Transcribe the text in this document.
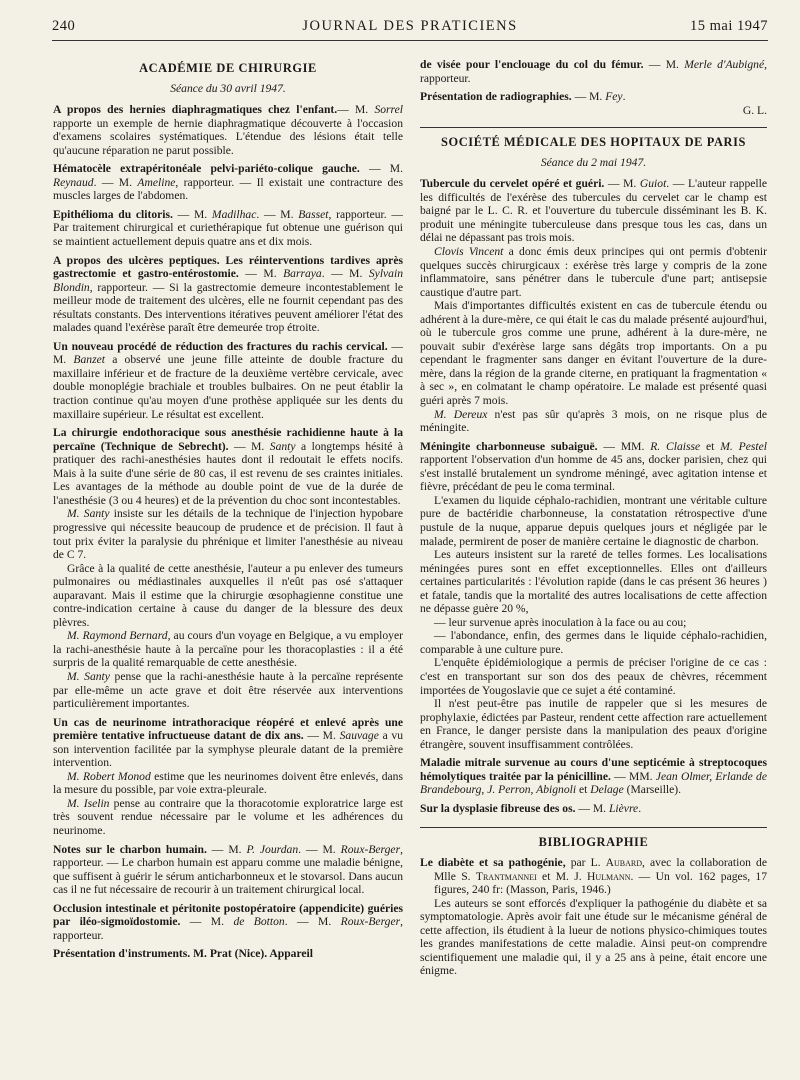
240	JOURNAL DES PRATICIENS	15 mai 1947
ACADÉMIE DE CHIRURGIE
Séance du 30 avril 1947.

A propos des hernies diaphragmatiques chez l'enfant.— M. Sorrel rapporte un exemple de hernie diaphragmatique découverte à l'occasion d'examens scolaires systématiques. L'étendue des lésions était telle qu'aucune réparation ne parut possible.

Hématocèle extrapéritonéale pelvi-pariéto-colique gauche. — M. Reynaud. — M. Ameline, rapporteur. — Il existait une contracture des muscles larges de l'abdomen.

Epithélioma du clitoris. — M. Madilhac. — M. Basset, rapporteur. — Par traitement chirurgical et curiethérapique fut obtenue une guérison qui se maintient actuellement depuis quatre ans et dix mois.

A propos des ulcères peptiques. Les réinterventions tardives après gastrectomie et gastro-entérostomie. — M. Barraya. — M. Sylvain Blondin, rapporteur. — Si la gastrectomie demeure incontestablement le meilleur mode de traitement des ulcères, elle ne fournit cependant pas des résultats constants. Des interventions itératives peuvent améliorer l'état des malades quand l'exérèse paraît être demeurée trop étroite.

Un nouveau procédé de réduction des fractures du rachis cervical. — M. Banzet a observé une jeune fille atteinte de double fracture du maxillaire inférieur et de fracture de la deuxième vertèbre cervicale, avec double monoplégie brachiale et troubles bulbaires. On ne peut établir la traction continue qu'au moyen d'une prothèse appliquée sur les dents du maxillaire supérieur. Le résultat est excellent.

La chirurgie endothoracique sous anesthésie rachidienne haute à la percaïne (Technique de Sebrecht). — M. Santy a longtemps hésité à pratiquer des rachi-anesthésies hautes dont il redoutait le effets nocifs. Mais à la suite d'une série de 80 cas, il est revenu de ses craintes initiales. Les avantages de la méthode au double point de vue de la durée de l'anesthésie (3 ou 4 heures) et de la prévention du choc sont incontestables.

M. Santy insiste sur les détails de la technique de l'injection hypobare progressive qui nécessite beaucoup de prudence et de précision. Il faut à tout prix éviter la paralysie du phrénique et limiter l'anesthésie au niveau de C 7.

Grâce à la qualité de cette anesthésie, l'auteur a pu enlever des tumeurs pulmonaires ou médiastinales auxquelles il n'eût pas osé s'attaquer auparavant. Mais il estime que la chirurgie œsophagienne constitue une contre-indication certaine à cause du danger de la blessure des deux plèvres.

M. Raymond Bernard, au cours d'un voyage en Belgique, a vu employer la rachi-anesthésie haute à la percaïne pour les thoracoplasties : il a été surpris de la qualité remarquable de cette anesthésie.

M. Santy pense que la rachi-anesthésie haute à la percaïne représente par elle-même un acte grave et doit être réservée aux interventions particulièrement importantes.

Un cas de neurinome intrathoracique réopéré et enlevé après une première tentative infructueuse datant de dix ans. — M. Sauvage a vu son intervention facilitée par la symphyse pleurale datant de la première intervention.

M. Robert Monod estime que les neurinomes doivent être enlevés, dans la mesure du possible, par voie extra-pleurale.

M. Iselin pense au contraire que la thoracotomie exploratrice large est très souvent rendue nécessaire par le volume et les adhérences du neurinome.

Notes sur le charbon humain. — M. P. Jourdan. — M. Roux-Berger, rapporteur. — Le charbon humain est apparu comme une maladie bénigne, que suffisent à guérir le sérum anticharbonneux et le stovarsol. Dans aucun cas il ne fut nécessaire de recourir à un traitement chirurgical local.

Occlusion intestinale et péritonite postopératoire (appendicite) guéries par iléo-sigmoïdostomie. — M. de Botton. — M. Roux-Berger, rapporteur.

Présentation d'instruments. M. Prat (Nice). Appareil

de visée pour l'enclouage du col du fémur. — M. Merle d'Aubigné, rapporteur.

Présentation de radiographies. — M. Fey.

G. L.
SOCIÉTÉ MÉDICALE DES HOPITAUX DE PARIS
Séance du 2 mai 1947.

Tubercule du cervelet opéré et guéri. — M. Guiot. — L'auteur rappelle les difficultés de l'exérèse des tubercules du cervelet car le champ est baigné par le L. C. R. et l'ouverture du tubercule disséminant les B. K. produit une méningite tuberculeuse dans presque tous les cas, dans un délai ne dépassant pas trois mois.

Clovis Vincent a donc émis deux principes qui ont permis d'obtenir quelques succès chirurgicaux : exérèse très large y compris de la zone inflammatoire, sans pénétrer dans le tubercule d'une part; antisepsie caustique d'autre part.

Mais d'importantes difficultés existent en cas de tubercule étendu ou adhérent à la dure-mère, ce qui était le cas du malade présenté aujourd'hui, où le tubercule gros comme une prune, adhérent à la dure-mère, ne pouvait subir d'exérèse large sans dégâts trop importants. On a pu cependant le fragmenter sans danger en évitant l'ouverture de la dure-mère, dans la région de la grande citerne, en pratiquant la fragmentation « à sec », en colmatant le champ opératoire. Le malade est présenté quasi guéri après 7 mois.

M. Dereux n'est pas sûr qu'après 3 mois, on ne risque plus de méningite.

Méningite charbonneuse subaiguë. — MM. R. Claisse et M. Pestel rapportent l'observation d'un homme de 45 ans, docker parisien, chez qui s'est installé brutalement un syndrome méningé, avec agitation intense et fièvre, précédant de peu le coma terminal.

L'examen du liquide céphalo-rachidien, montrant une véritable culture pure de bactéridie charbonneuse, la constatation rétrospective d'une pustule de la nuque, apparue depuis quelques jours et négligée par le malade, permirent de poser de manière certaine le diagnostic de charbon.

Les auteurs insistent sur la rareté de telles formes. Les localisations méningées pures sont en effet exceptionnelles. Elles ont d'ailleurs certaines particularités : l'évolution rapide (dans le cas présent 36 heures ) et fatale, tandis que la mortalité des autres localisations de cette affection ne dépasse guère 20 %,

— leur survenue après inoculation à la face ou au cou;

— l'abondance, enfin, des germes dans le liquide céphalo-rachidien, comparable à une culture pure.

L'enquête épidémiologique a permis de préciser l'origine de ce cas : c'est en transportant sur son dos des peaux de chèvres, récemment importées de Yougoslavie que ce sujet a été contaminé.

Il n'est peut-être pas inutile de rappeler que si les mesures de prophylaxie, édictées par Pasteur, rendent cette affection rare actuellement en France, le danger persiste dans la manipulation des peaux d'origine étrangère, souvent insuffisamment contrôlées.

Maladie mitrale survenue au cours d'une septicémie à streptocoques hémolytiques traitée par la pénicilline. — MM. Jean Olmer, Erlande de Brandebourg, J. Perron, Abignoli et Delage (Marseille).

Sur la dysplasie fibreuse des os. — M. Lièvre.

BIBLIOGRAPHIE

Le diabète et sa pathogénie, par L. Aubard, avec la collaboration de Mlle S. Trantmannei et M. J. Hulmann. — Un vol. 162 pages, 17 figures, 240 fr: (Masson, Paris, 1946.)

Les auteurs se sont efforcés d'expliquer la pathogénie du diabète et sa symptomatologie. Après avoir fait une étude sur le mécanisme général de cette affection, ils étudient à la lueur de notions physico-chimiques toutes les grandes manifestations de cette maladie. Ainsi peut-on comprendre scientifiquement une maladie qui, il y a 25 ans à peine, était encore une énigme.
